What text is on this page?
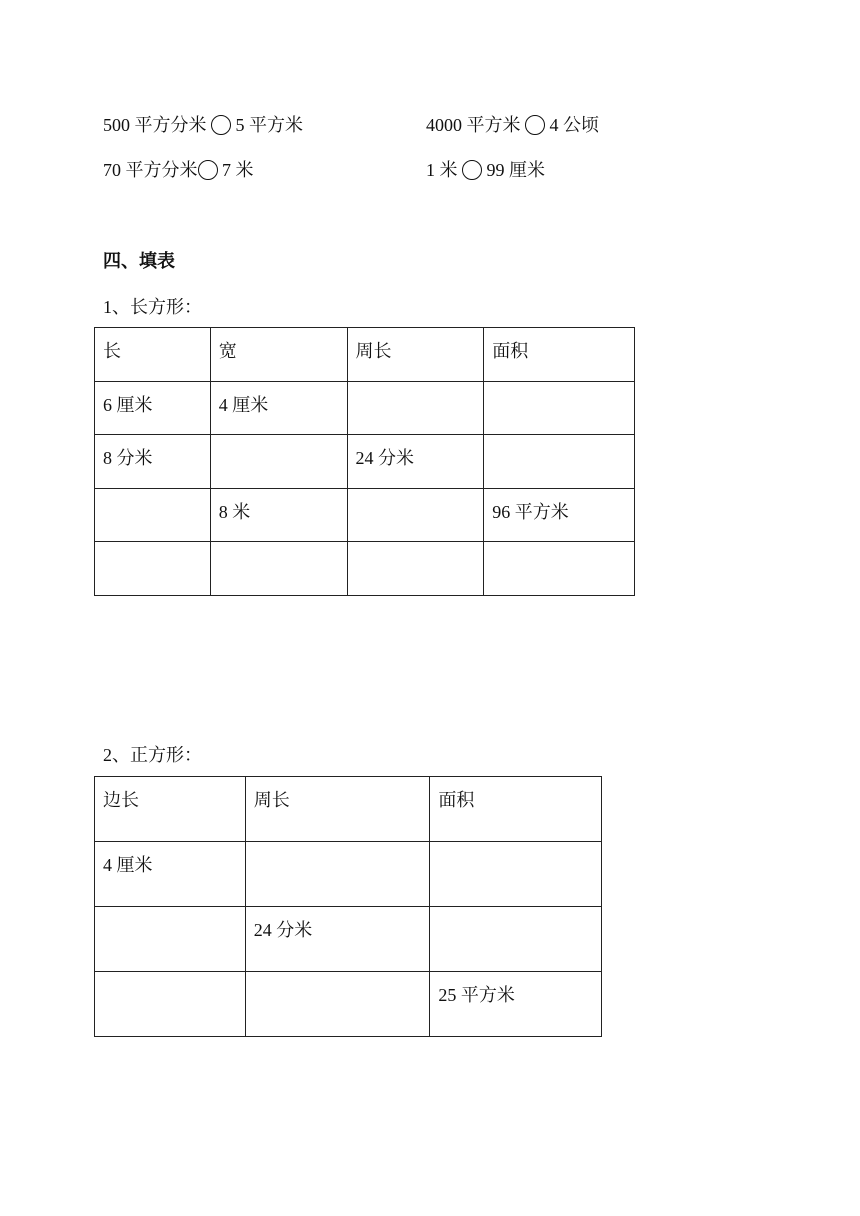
500 平方分米 5 平方米	4000 平方米 4 公顷
70 平方分米 7 米	1 米 99 厘米
四、填表
1、长方形：
长	宽	周长	面积
6 厘米	4 厘米		
8 分米		24 分米	
	8 米		96 平方米

2、正方形：
边长	周长	面积
4 厘米		
	24 分米	
		25 平方米
